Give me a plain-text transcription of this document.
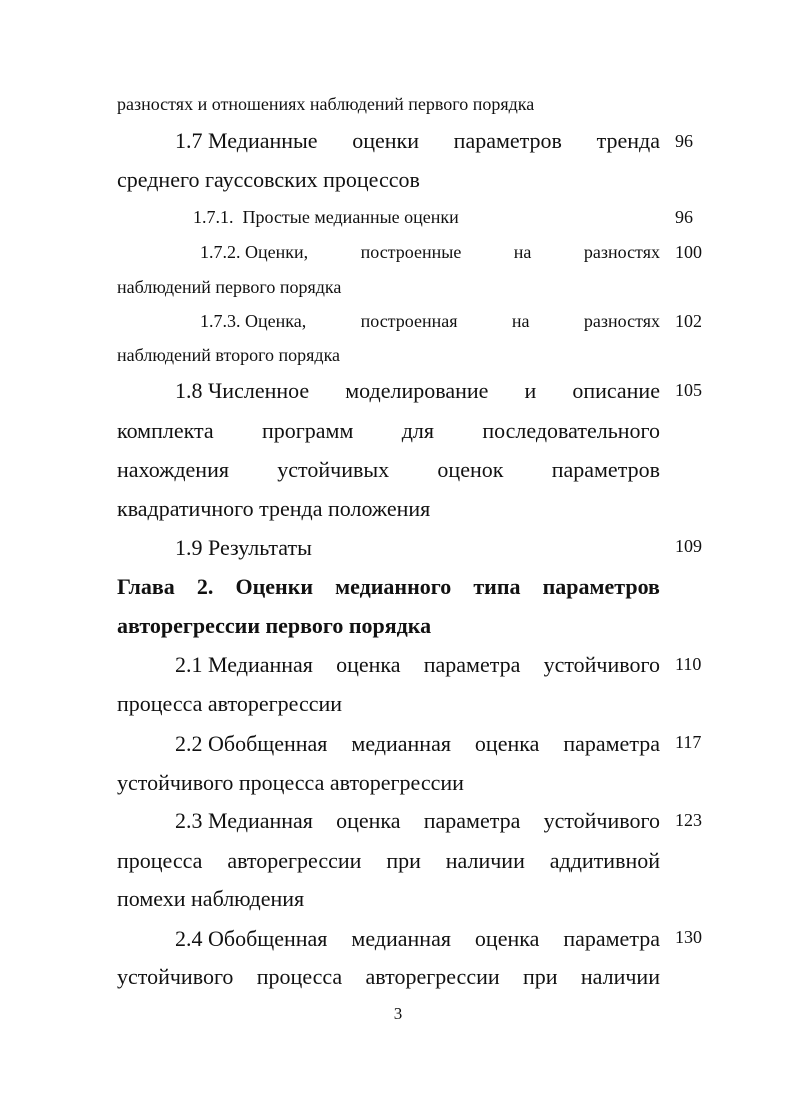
разностях и отношениях наблюдений первого порядка
1.7 Медианные оценки параметров тренда 96
среднего гауссовских процессов
1.7.1.  Простые медианные оценки	96
1.7.2. Оценки,	построенные	на	разностях 100
наблюдений первого порядка
1.7.3. Оценка,	построенная	на	разностях 102
наблюдений второго порядка
1.8 Численное моделирование и описание 105
комплекта программ для последовательного
нахождения устойчивых оценок параметров
квадратичного тренда положения
1.9 Результаты	109
Глава 2. Оценки медианного типа параметров
авторегрессии первого порядка
2.1 Медианная оценка параметра устойчивого 110
процесса авторегрессии
2.2 Обобщенная медианная оценка параметра 117
устойчивого процесса авторегрессии
2.3 Медианная оценка параметра устойчивого 123
процесса авторегрессии при наличии аддитивной
помехи наблюдения
2.4 Обобщенная медианная оценка параметра 130
устойчивого процесса авторегрессии при наличии
3
